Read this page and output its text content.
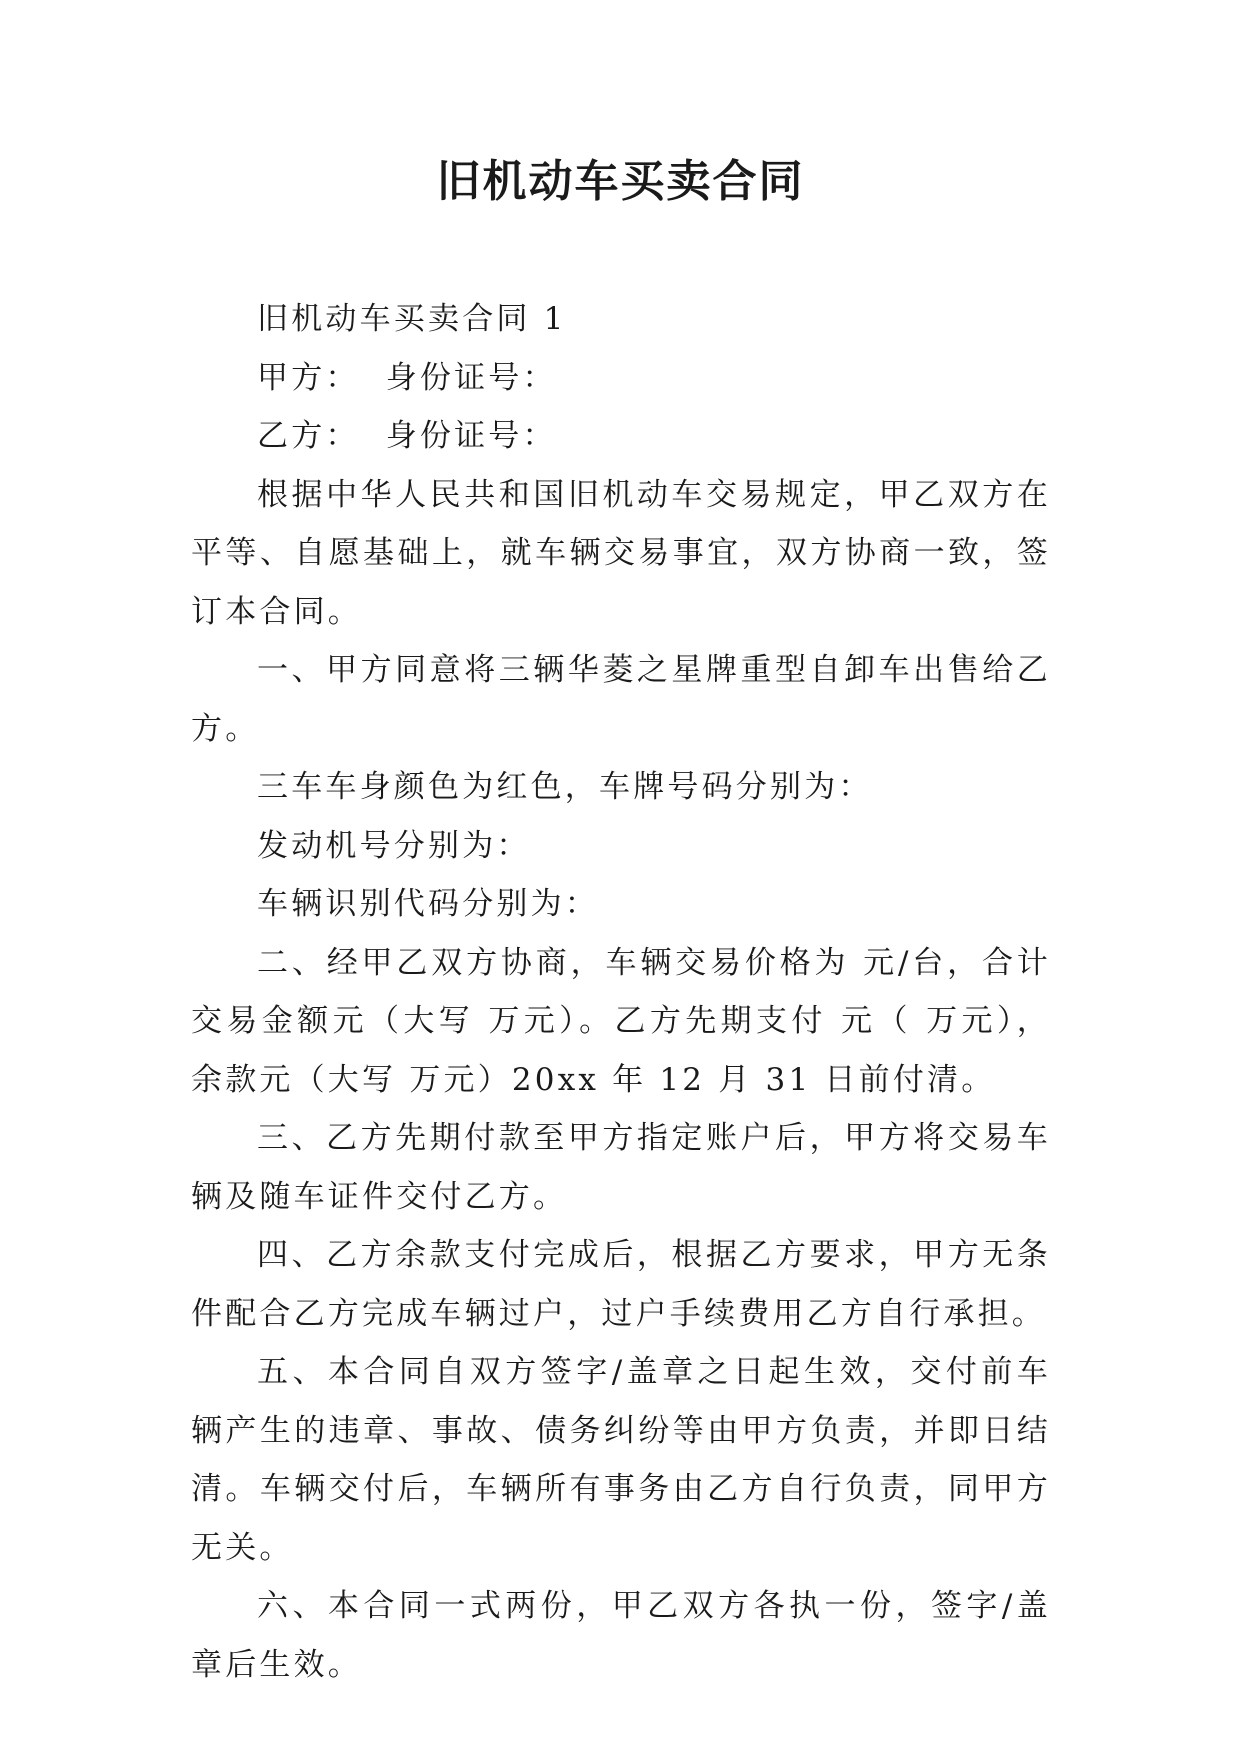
旧机动车买卖合同

旧机动车买卖合同 1

甲方：  身份证号：

乙方：  身份证号：

根据中华人民共和国旧机动车交易规定，甲乙双方在平等、自愿基础上，就车辆交易事宜，双方协商一致，签订本合同。

一、甲方同意将三辆华菱之星牌重型自卸车出售给乙方。

三车车身颜色为红色，车牌号码分别为：

发动机号分别为：

车辆识别代码分别为：

二、经甲乙双方协商，车辆交易价格为 元/台，合计交易金额元（大写 万元）。乙方先期支付 元（ 万元），余款元（大写 万元）20xx 年 12 月 31 日前付清。

三、乙方先期付款至甲方指定账户后，甲方将交易车辆及随车证件交付乙方。

四、乙方余款支付完成后，根据乙方要求，甲方无条件配合乙方完成车辆过户，过户手续费用乙方自行承担。

五、本合同自双方签字/盖章之日起生效，交付前车辆产生的违章、事故、债务纠纷等由甲方负责，并即日结清。车辆交付后，车辆所有事务由乙方自行负责，同甲方无关。

六、本合同一式两份，甲乙双方各执一份，签字/盖章后生效。
